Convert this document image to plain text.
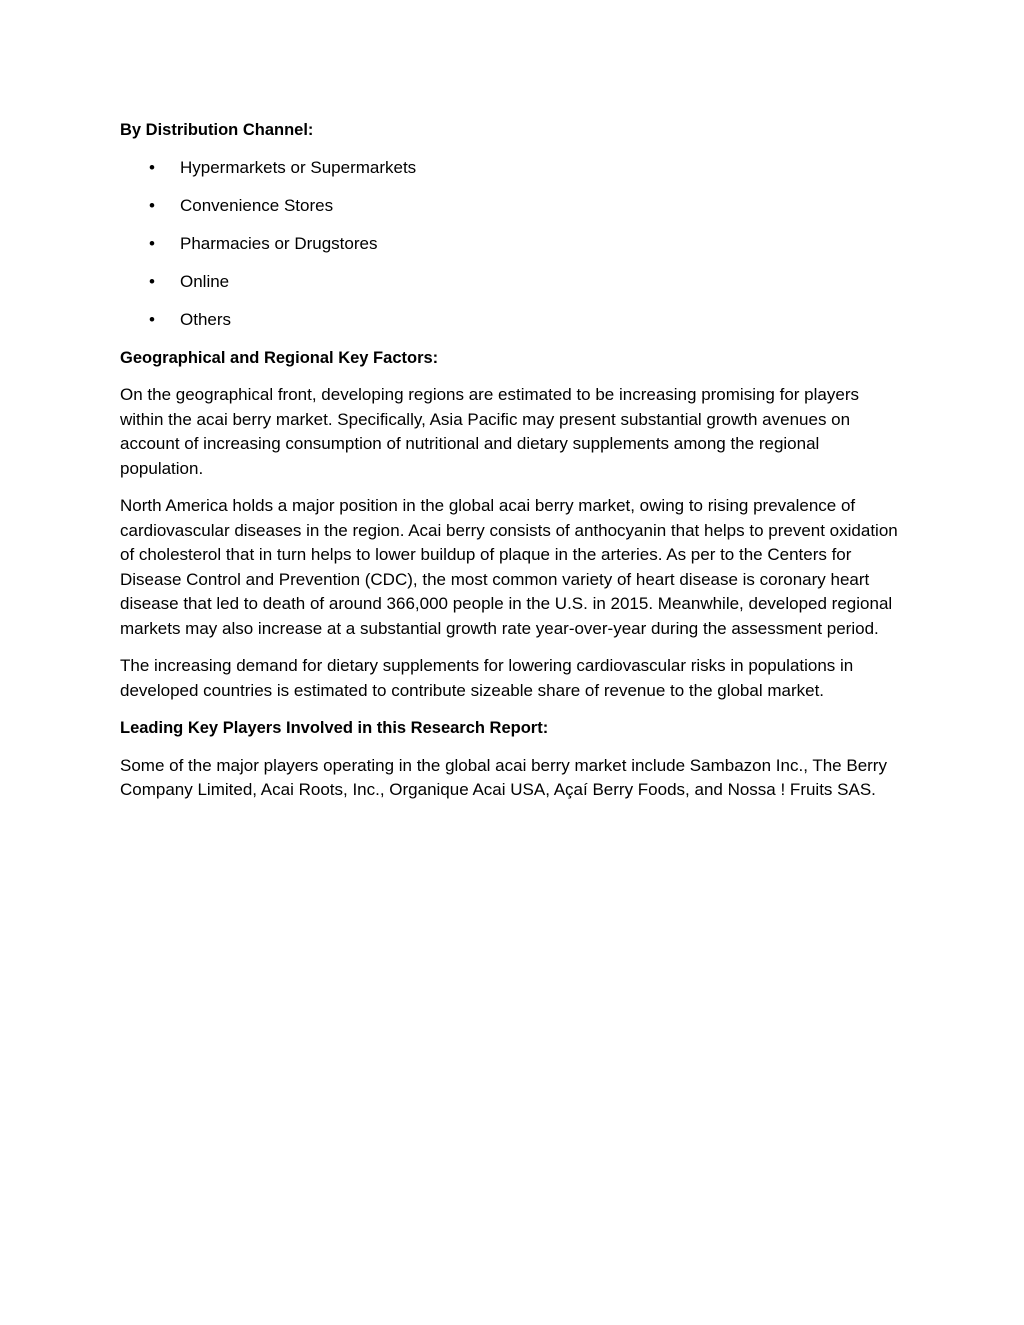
By Distribution Channel:
• Hypermarkets or Supermarkets
• Convenience Stores
• Pharmacies or Drugstores
• Online
• Others
Geographical and Regional Key Factors:

On the geographical front, developing regions are estimated to be increasing promising for players within the acai berry market. Specifically, Asia Pacific may present substantial growth avenues on account of increasing consumption of nutritional and dietary supplements among the regional population.

North America holds a major position in the global acai berry market, owing to rising prevalence of cardiovascular diseases in the region. Acai berry consists of anthocyanin that helps to prevent oxidation of cholesterol that in turn helps to lower buildup of plaque in the arteries. As per to the Centers for Disease Control and Prevention (CDC), the most common variety of heart disease is coronary heart disease that led to death of around 366,000 people in the U.S. in 2015. Meanwhile, developed regional markets may also increase at a substantial growth rate year-over-year during the assessment period.

The increasing demand for dietary supplements for lowering cardiovascular risks in populations in developed countries is estimated to contribute sizeable share of revenue to the global market.

Leading Key Players Involved in this Research Report:

Some of the major players operating in the global acai berry market include Sambazon Inc., The Berry Company Limited, Acai Roots, Inc., Organique Acai USA, Açaí Berry Foods, and Nossa ! Fruits SAS.
